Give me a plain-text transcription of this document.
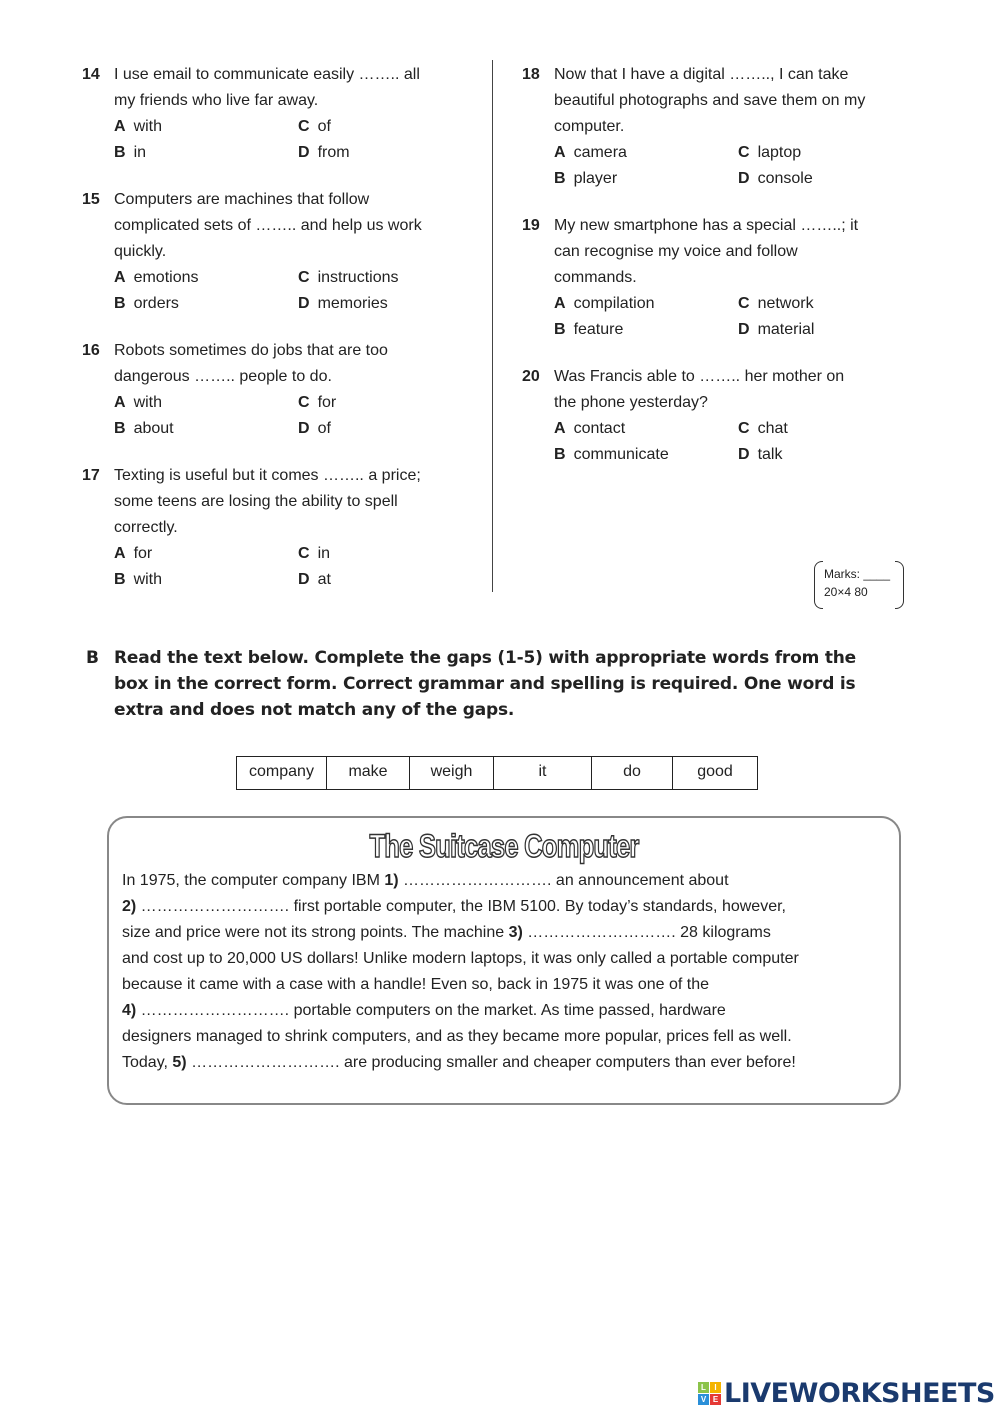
14 I use email to communicate easily …….. all
my friends who live far away.
A with	C of
B in	D from
15 Computers are machines that follow
complicated sets of …….. and help us work
quickly.
A emotions	C instructions
B orders	D memories
16 Robots sometimes do jobs that are too
dangerous …….. people to do.
A with	C for
B about	D of
17 Texting is useful but it comes …….. a price;
some teens are losing the ability to spell
correctly.
A for	C in
B with	D at
18 Now that I have a digital …….., I can take
beautiful photographs and save them on my
computer.
A camera	C laptop
B player	D console
19 My new smartphone has a special ……..; it
can recognise my voice and follow
commands.
A compilation	C network
B feature	D material
20 Was Francis able to …….. her mother on
the phone yesterday?
A contact	C chat
B communicate	D talk
Marks: ____
20×4 80
B Read the text below. Complete the gaps (1-5) with appropriate words from the
box in the correct form. Correct grammar and spelling is required. One word is
extra and does not match any of the gaps.
company	make	weigh	it	do	good
The Suitcase Computer
In 1975, the computer company IBM 1) ………………………. an announcement about
2) ………………………. first portable computer, the IBM 5100. By today’s standards, however,
size and price were not its strong points. The machine 3) ………………………. 28 kilograms
and cost up to 20,000 US dollars! Unlike modern laptops, it was only called a portable computer
because it came with a case with a handle! Even so, back in 1975 it was one of the
4) ………………………. portable computers on the market. As time passed, hardware
designers managed to shrink computers, and as they became more popular, prices fell as well.
Today, 5) ………………………. are producing smaller and cheaper computers than ever before!
L	I
V E LIVEWORKSHEETS
